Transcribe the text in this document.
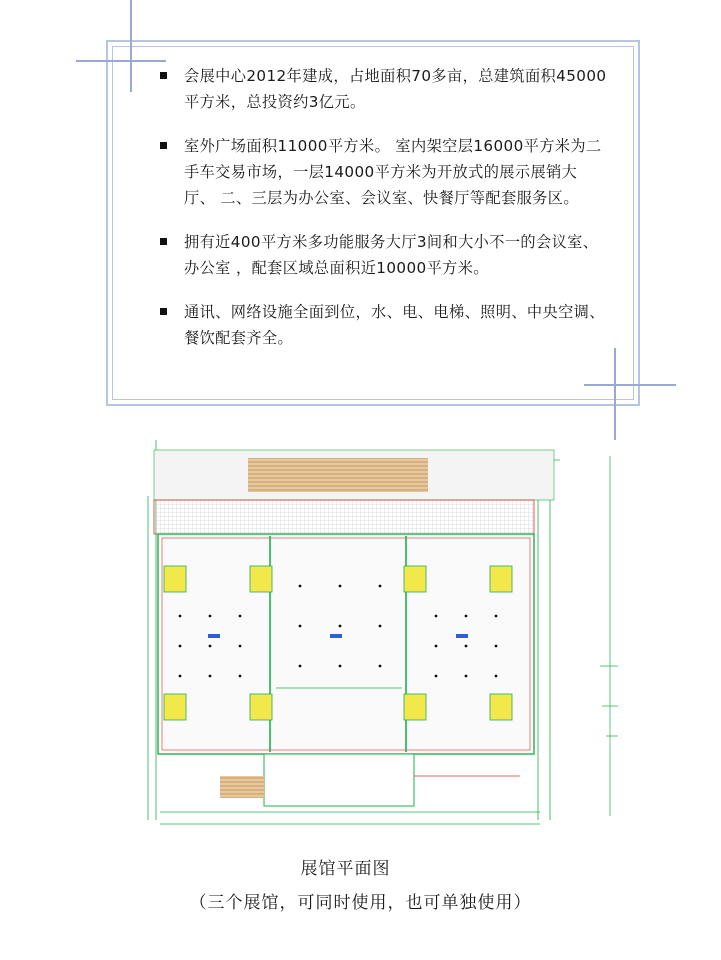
会展中心2012年建成，占地面积70多亩，总建筑面积45000平方米，总投资约3亿元。
室外广场面积11000平方米。 室内架空层16000平方米为二手车交易市场，一层14000平方米为开放式的展示展销大厅、 二、三层为办公室、会议室、快餐厅等配套服务区。
拥有近400平方米多功能服务大厅3间和大小不一的会议室、办公室 ，配套区域总面积近10000平方米。
通讯、网络设施全面到位，水、电、电梯、照明、中央空调、餐饮配套齐全。
展馆平面图
（三个展馆，可同时使用，也可单独使用）
